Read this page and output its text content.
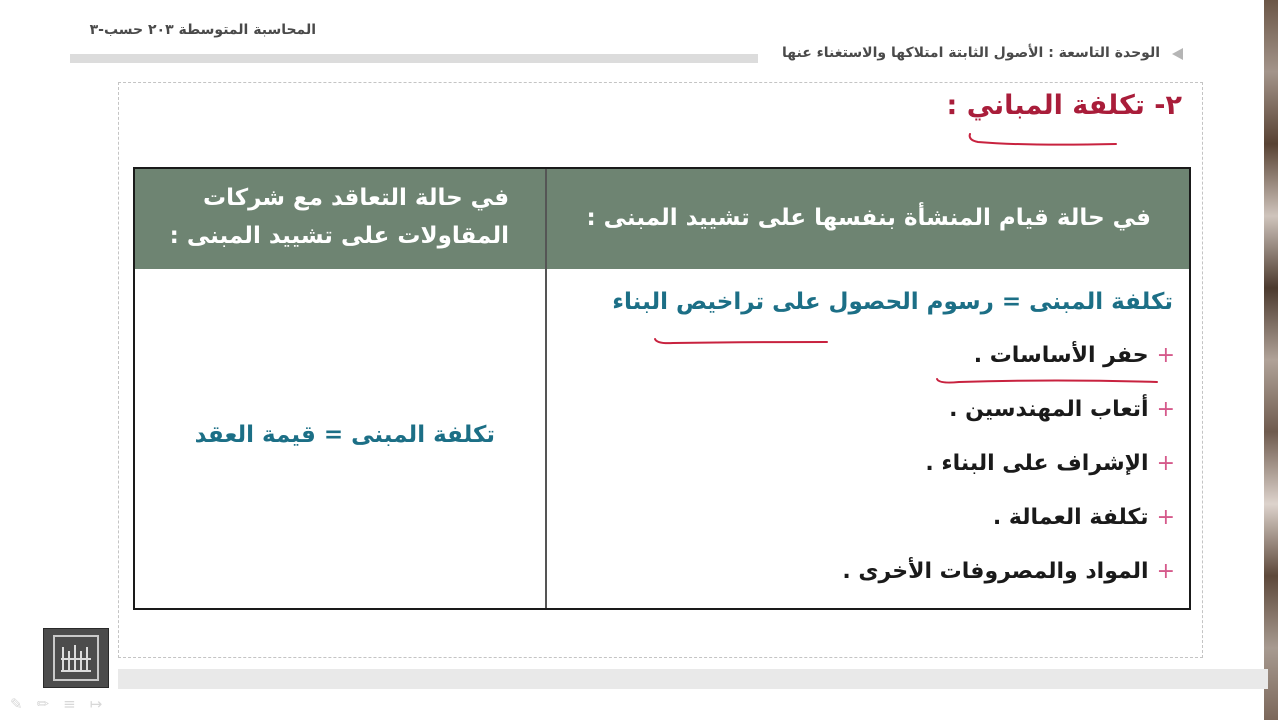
المحاسبة المتوسطة ٢٠٣ حسب-٣
الوحدة التاسعة : الأصول الثابتة امتلاكها والاستغناء عنها
٢- تكلفة المباني :
في حالة التعاقد مع شركات المقاولات على تشييد المبنى :
في حالة قيام المنشأة بنفسها على تشييد المبنى :
تكلفة المبنى = رسوم الحصول على تراخيص البناء
+حفر الأساسات .
+أتعاب المهندسين .
+الإشراف على البناء .
+تكلفة العمالة .
+المواد والمصروفات الأخرى .
تكلفة المبنى = قيمة العقد
✎✏≡↦
